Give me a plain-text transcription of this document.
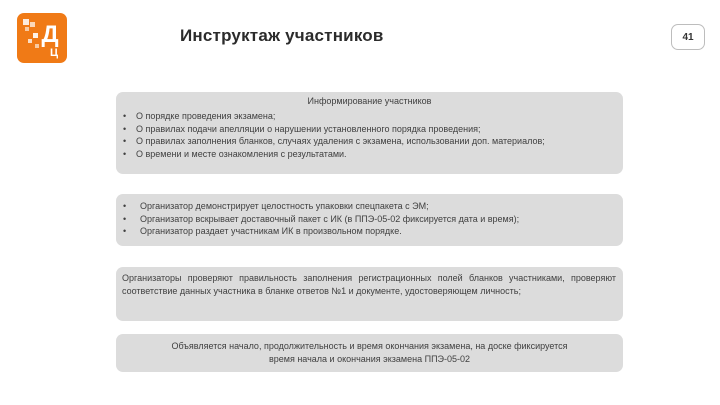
Д
Ц
Инструктаж участников	41
Информирование участников
• О порядке проведения экзамена;
• О правилах подачи апелляции о нарушении установленного порядка проведения;
• О правилах заполнения бланков, случаях удаления с экзамена, использовании доп. материалов;
• О времени и месте ознакомления с результатами.
• Организатор демонстрирует целостность упаковки спецпакета с ЭМ;
• Организатор вскрывает доставочный пакет с ИК (в ППЭ-05-02 фиксируется дата и время);
• Организатор раздает участникам ИК в произвольном порядке.
Организаторы проверяют правильность заполнения регистрационных полей бланков участниками, проверяют соответствие данных участника в бланке ответов №1 и документе, удостоверяющем личность;
Объявляется начало, продолжительность и время окончания экзамена, на доске фиксируется
время начала и окончания экзамена ППЭ-05-02
